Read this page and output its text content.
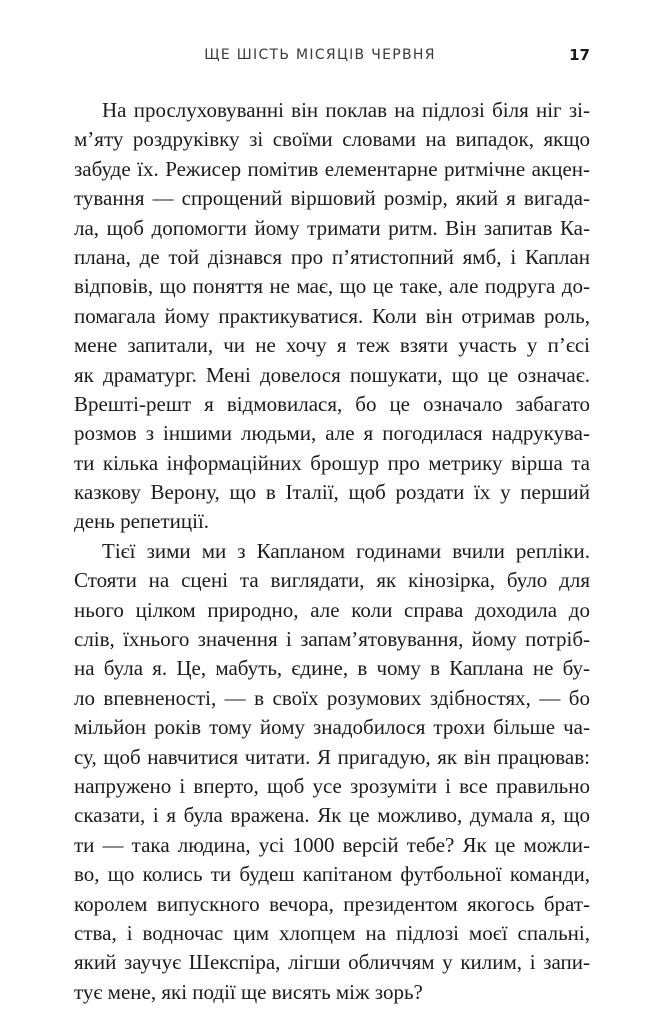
ЩЕ ШІСТЬ МІСЯЦІВ ЧЕРВНЯ	17
На прослуховуванні він поклав на підлозі біля ніг зі-
м’яту роздруківку зі своїми словами на випадок, якщо
забуде їх. Режисер помітив елементарне ритмічне акцен-
тування — спрощений віршовий розмір, який я вигада-
ла, щоб допомогти йому тримати ритм. Він запитав Ка-
плана, де той дізнався про п’ятистопний ямб, і Каплан
відповів, що поняття не має, що це таке, але подруга до-
помагала йому практикуватися. Коли він отримав роль,
мене запитали, чи не хочу я теж взяти участь у п’єсі
як драматург. Мені довелося пошукати, що це означає.
Врешті-решт я відмовилася, бо це означало забагато
розмов з іншими людьми, але я погодилася надрукува-
ти кілька інформаційних брошур про метрику вірша та
казкову Верону, що в Італії, щоб роздати їх у перший
день репетиції.
Тієї зими ми з Капланом годинами вчили репліки.
Стояти на сцені та виглядати, як кінозірка, було для
нього цілком природно, але коли справа доходила до
слів, їхнього значення і запам’ятовування, йому потріб-
на була я. Це, мабуть, єдине, в чому в Каплана не бу-
ло впевненості, — в своїх розумових здібностях, — бо
мільйон років тому йому знадобилося трохи більше ча-
су, щоб навчитися читати. Я пригадую, як він працював:
напружено і вперто, щоб усе зрозуміти і все правильно
сказати, і я була вражена. Як це можливо, думала я, що
ти — така людина, усі 1000 версій тебе? Як це можли-
во, що колись ти будеш капітаном футбольної команди,
королем випускного вечора, президентом якогось брат-
ства, і водночас цим хлопцем на підлозі моєї спальні,
який заучує Шекспіра, лігши обличчям у килим, і запи-
тує мене, які події ще висять між зорь?
